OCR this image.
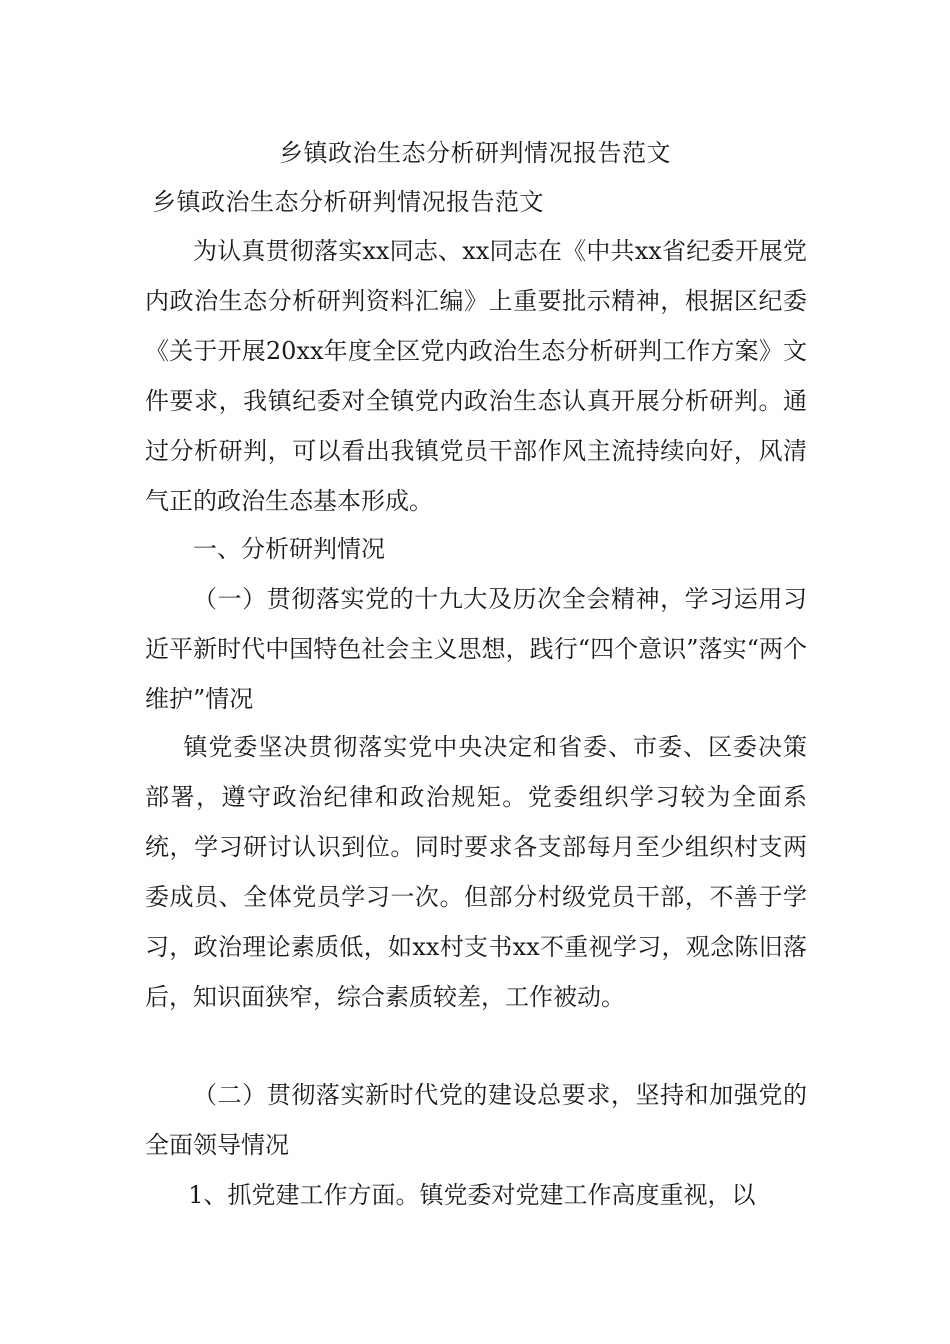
乡镇政治生态分析研判情况报告范文
乡镇政治生态分析研判情况报告范文

为认真贯彻落实xx同志、xx同志在《中共xx省纪委开展党内政治生态分析研判资料汇编》上重要批示精神，根据区纪委《关于开展20xx年度全区党内政治生态分析研判工作方案》文件要求，我镇纪委对全镇党内政治生态认真开展分析研判。通过分析研判，可以看出我镇党员干部作风主流持续向好，风清气正的政治生态基本形成。

一、分析研判情况

（一）贯彻落实党的十九大及历次全会精神，学习运用习近平新时代中国特色社会主义思想，践行“四个意识”落实“两个维护”情况

镇党委坚决贯彻落实党中央决定和省委、市委、区委决策部署，遵守政治纪律和政治规矩。党委组织学习较为全面系统，学习研讨认识到位。同时要求各支部每月至少组织村支两委成员、全体党员学习一次。但部分村级党员干部，不善于学习，政治理论素质低，如xx村支书xx不重视学习，观念陈旧落后，知识面狭窄，综合素质较差，工作被动。

（二）贯彻落实新时代党的建设总要求，坚持和加强党的全面领导情况

1、抓党建工作方面。镇党委对党建工作高度重视，以
